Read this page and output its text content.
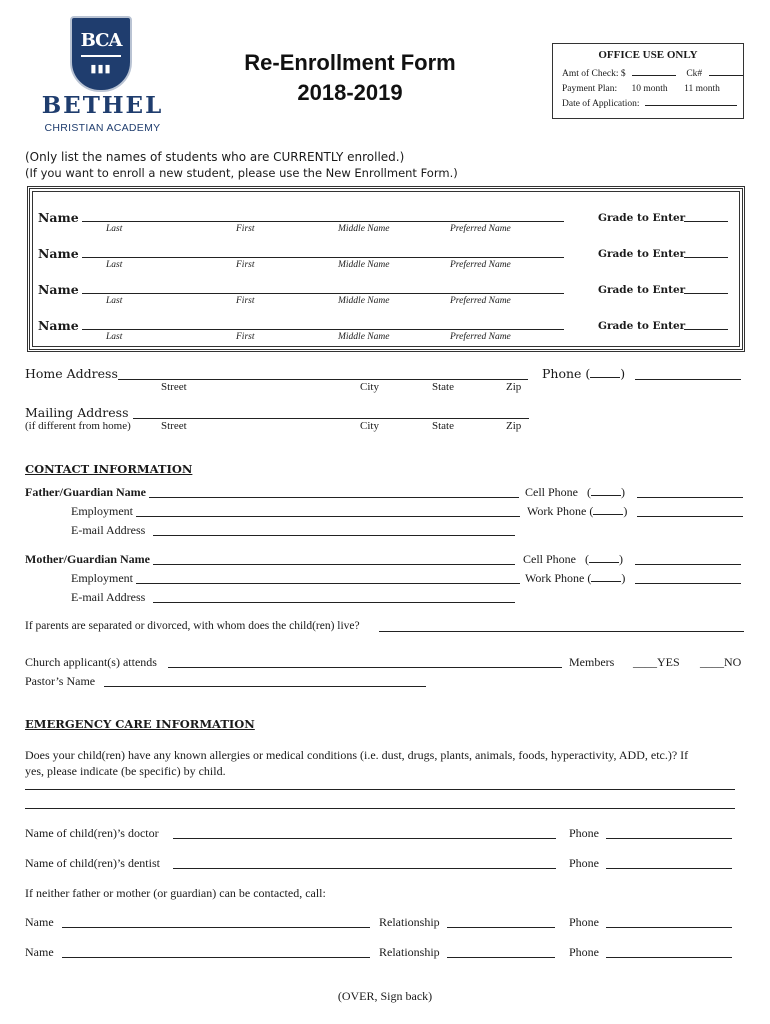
BCA
▮▮▮
BETHEL
CHRISTIAN ACADEMY
Re-Enrollment Form
2018-2019
OFFICE USE ONLY
Amt of Check: $	Ck#
Payment Plan: 10 month 11 month
Date of Application:
(Only list the names of students who are CURRENTLY enrolled.)
(If you want to enroll a new student, please use the New Enrollment Form.)
Name	Grade to Enter
Last	First	Middle Name	Preferred Name
Name	Grade to Enter
Last	First	Middle Name	Preferred Name
Name	Grade to Enter
Last	First	Middle Name	Preferred Name
Name	Grade to Enter
Last	First	Middle Name	Preferred Name
Home Address	Phone ( )
Street	City	State	Zip
Mailing Address
(if different from home)	Street	City	State	Zip
CONTACT INFORMATION
Father/Guardian Name	Cell Phone   (	)
Employment	Work Phone (	)
E-mail Address
Mother/Guardian Name	Cell Phone   (	)
Employment	Work Phone (	)
E-mail Address
If parents are separated or divorced, with whom does the child(ren) live?
Church applicant(s) attends	Members ____YES ____NO
Pastor’s Name
EMERGENCY CARE INFORMATION
Does your child(ren) have any known allergies or medical conditions (i.e. dust, drugs, plants, animals, foods, hyperactivity, ADD, etc.)? If
yes, please indicate (be specific) by child.
Name of child(ren)’s doctor	Phone
Name of child(ren)’s dentist	Phone
If neither father or mother (or guardian) can be contacted, call:
Name	Relationship	Phone
Name	Relationship	Phone
(OVER, Sign back)
